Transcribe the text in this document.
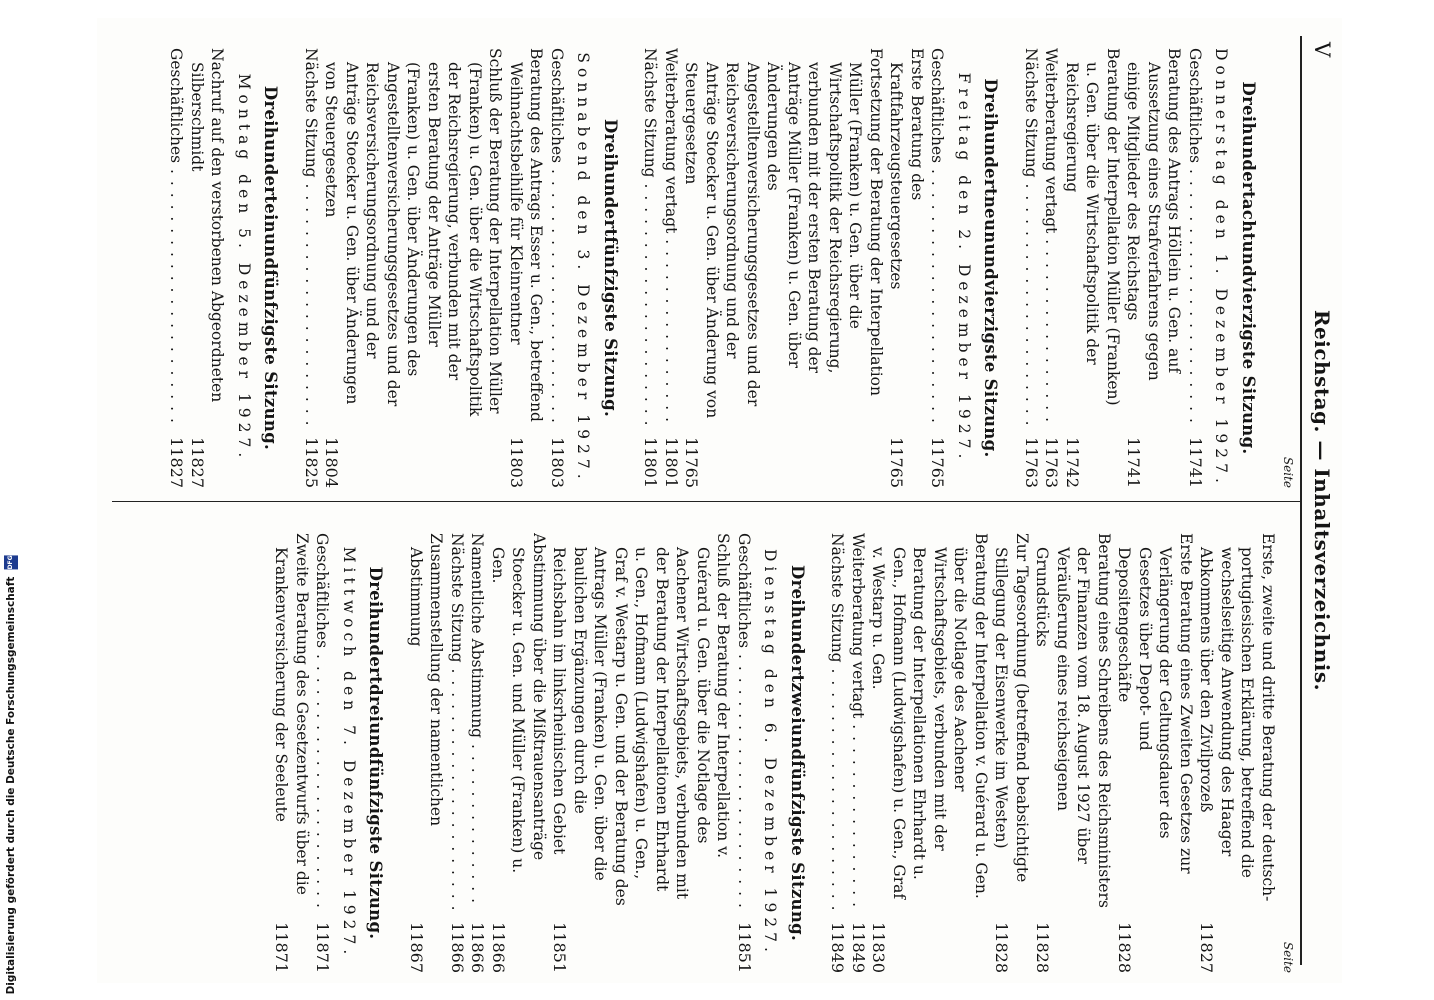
V
Reichstag. — Inhaltsverzeichnis.
Seite
Dreihundertachtundvierzigste Sitzung.
Donnerstag den 1. Dezember 1927.
Geschäftliches . . .
11741
Beratung des Antrags Höllein u. Gen. auf Aussetzung eines Strafverfahrens gegen einige Mitglieder des Reichstags
11741
Beratung der Interpellation Müller (Franken) u. Gen. über die Wirtschaftspolitik der Reichsregierung
11742
Weiterberatung vertagt . . .
11763
Nächste Sitzung . . .
11763
Dreihundertneunundvierzigste Sitzung.
Freitag den 2. Dezember 1927.
Geschäftliches . . .
11765
Erste Beratung des Kraftfahrzeugsteuergesetzes
11765
Fortsetzung der Beratung der Interpellation Müller (Franken) u. Gen. über die Wirtschaftspolitik der Reichsregierung, verbunden mit der ersten Beratung der Anträge Müller (Franken) u. Gen. über Änderungen des Angestelltenversicherungsgesetzes und der Reichsversicherungsordnung und der Anträge Stoecker u. Gen. über Änderung von Steuergesetzen
11765
Weiterberatung vertagt . . .
11801
Nächste Sitzung . . .
11801
Dreihundertfünfzigste Sitzung.
Sonnabend den 3. Dezember 1927.
Geschäftliches . . .
11803
Beratung des Antrags Esser u. Gen., betreffend Weihnachtsbeihilfe für Kleinrentner
11803
Schluß der Beratung der Interpellation Müller (Franken) u. Gen. über die Wirtschaftspolitik der Reichsregierung, verbunden mit der ersten Beratung der Anträge Müller (Franken) u. Gen. über Änderungen des Angestelltenversicherungsgesetzes und der Reichsversicherungsordnung und der Anträge Stoecker u. Gen. über Änderungen von Steuergesetzen
11804
Nächste Sitzung . . .
11825
Dreihunderteinundfünfzigste Sitzung.
Montag den 5. Dezember 1927.
Nachruf auf den verstorbenen Abgeordneten Silberschmidt
11827
Geschäftliches . . .
11827
Seite
Erste, zweite und dritte Beratung der deutsch-portugiesischen Erklärung, betreffend die wechselseitige Anwendung des Haager Abkommens über den Zivilprozeß
11827
Erste Beratung eines Zweiten Gesetzes zur Verlängerung der Geltungsdauer des Gesetzes über Depot- und Depositengeschäfte
11828
Beratung eines Schreibens des Reichsministers der Finanzen vom 18. August 1927 über Veräußerung eines reichseigenen Grundstücks
11828
Zur Tagesordnung (betreffend beabsichtigte Stillegung der Eisenwerke im Westen)
11828
Beratung der Interpellation v. Guérard u. Gen. über die Notlage des Aachener Wirtschaftsgebiets, verbunden mit der Beratung der Interpellationen Ehrhardt u. Gen., Hofmann (Ludwigshafen) u. Gen., Graf v. Westarp u. Gen.
11830
Weiterberatung vertagt . . .
11849
Nächste Sitzung . . .
11849
Dreihundertzweiundfünfzigste Sitzung.
Dienstag den 6. Dezember 1927.
Geschäftliches . . .
11851
Schluß der Beratung der Interpellation v. Guérard u. Gen. über die Notlage des Aachener Wirtschaftsgebiets, verbunden mit der Beratung der Interpellationen Ehrhardt u. Gen., Hofmann (Ludwigshafen) u. Gen., Graf v. Westarp u. Gen. und der Beratung des Antrags Müller (Franken) u. Gen. über die baulichen Ergänzungen durch die Reichsbahn im linksrheinischen Gebiet
11851
Abstimmung über die Mißtrauensanträge Stoecker u. Gen. und Müller (Franken) u. Gen.
11866
Namentliche Abstimmung . . .
11866
Nächste Sitzung . . .
11866
Zusammenstellung der namentlichen Abstimmung
11867
Dreihundertdreiundfünfzigste Sitzung.
Mittwoch den 7. Dezember 1927.
Geschäftliches . . .
11871
Zweite Beratung des Gesetzentwurfs über die Krankenversicherung der Seeleute
11871
Digitalisierung gefördert durch die Deutsche Forschungsgemeinschaft DFG
